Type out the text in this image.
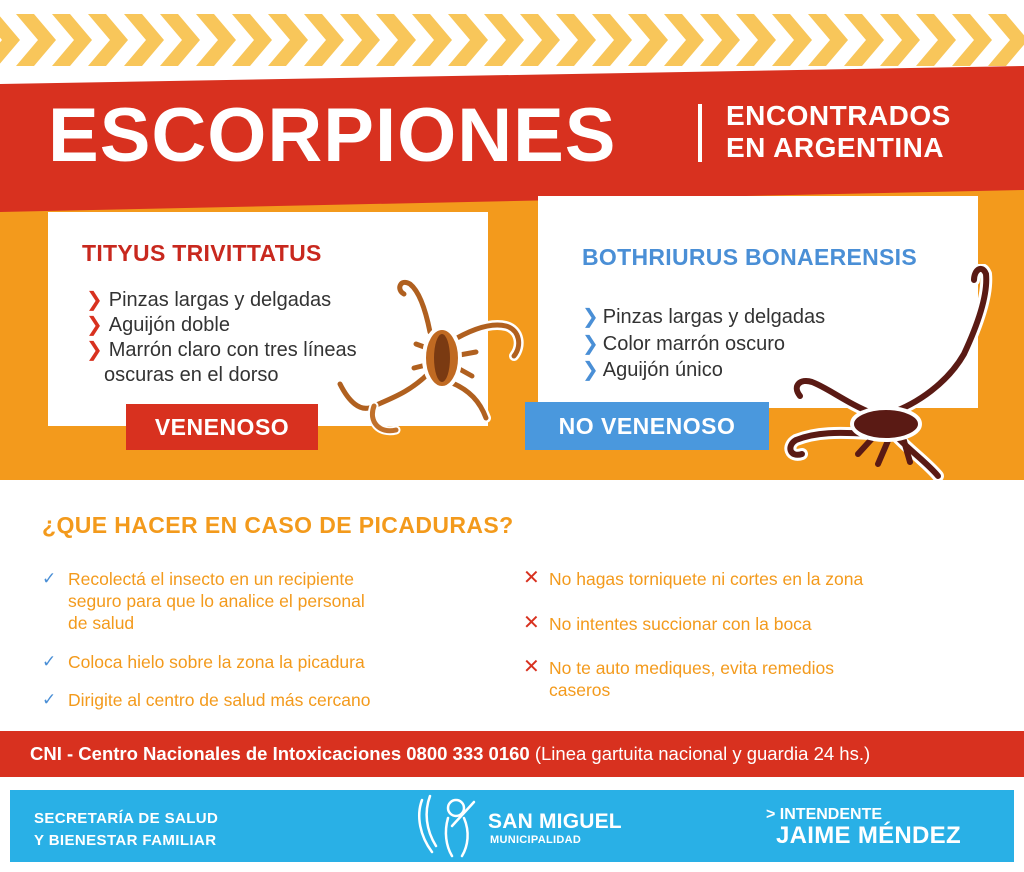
ESCORPIONES	ENCONTRADOS
EN ARGENTINA
TITYUS TRIVITTATUS
❯ Pinzas largas y delgadas
❯ Aguijón doble
❯ Marrón claro con tres líneas
oscuras en el dorso
VENENOSO
BOTHRIURUS BONAERENSIS
❯ Pinzas largas y delgadas
❯ Color marrón oscuro
❯ Aguijón único
NO VENENOSO
¿QUE HACER EN CASO DE PICADURAS?
✓ Recolectá el insecto en un recipiente
seguro para que lo analice el personal
de salud
✓ Coloca hielo sobre la zona la picadura
✓ Dirigite al centro de salud más cercano
✕ No hagas torniquete ni cortes en la zona
✕ No intentes succionar con la boca
✕ No te auto mediques, evita remedios
caseros
CNI - Centro Nacionales de Intoxicaciones 0800 333 0160 (Linea gartuita nacional y guardia 24 hs.)
SECRETARÍA DE SALUD
Y BIENESTAR FAMILIAR
SAN MIGUEL
MUNICIPALIDAD
> INTENDENTE
JAIME MÉNDEZ
